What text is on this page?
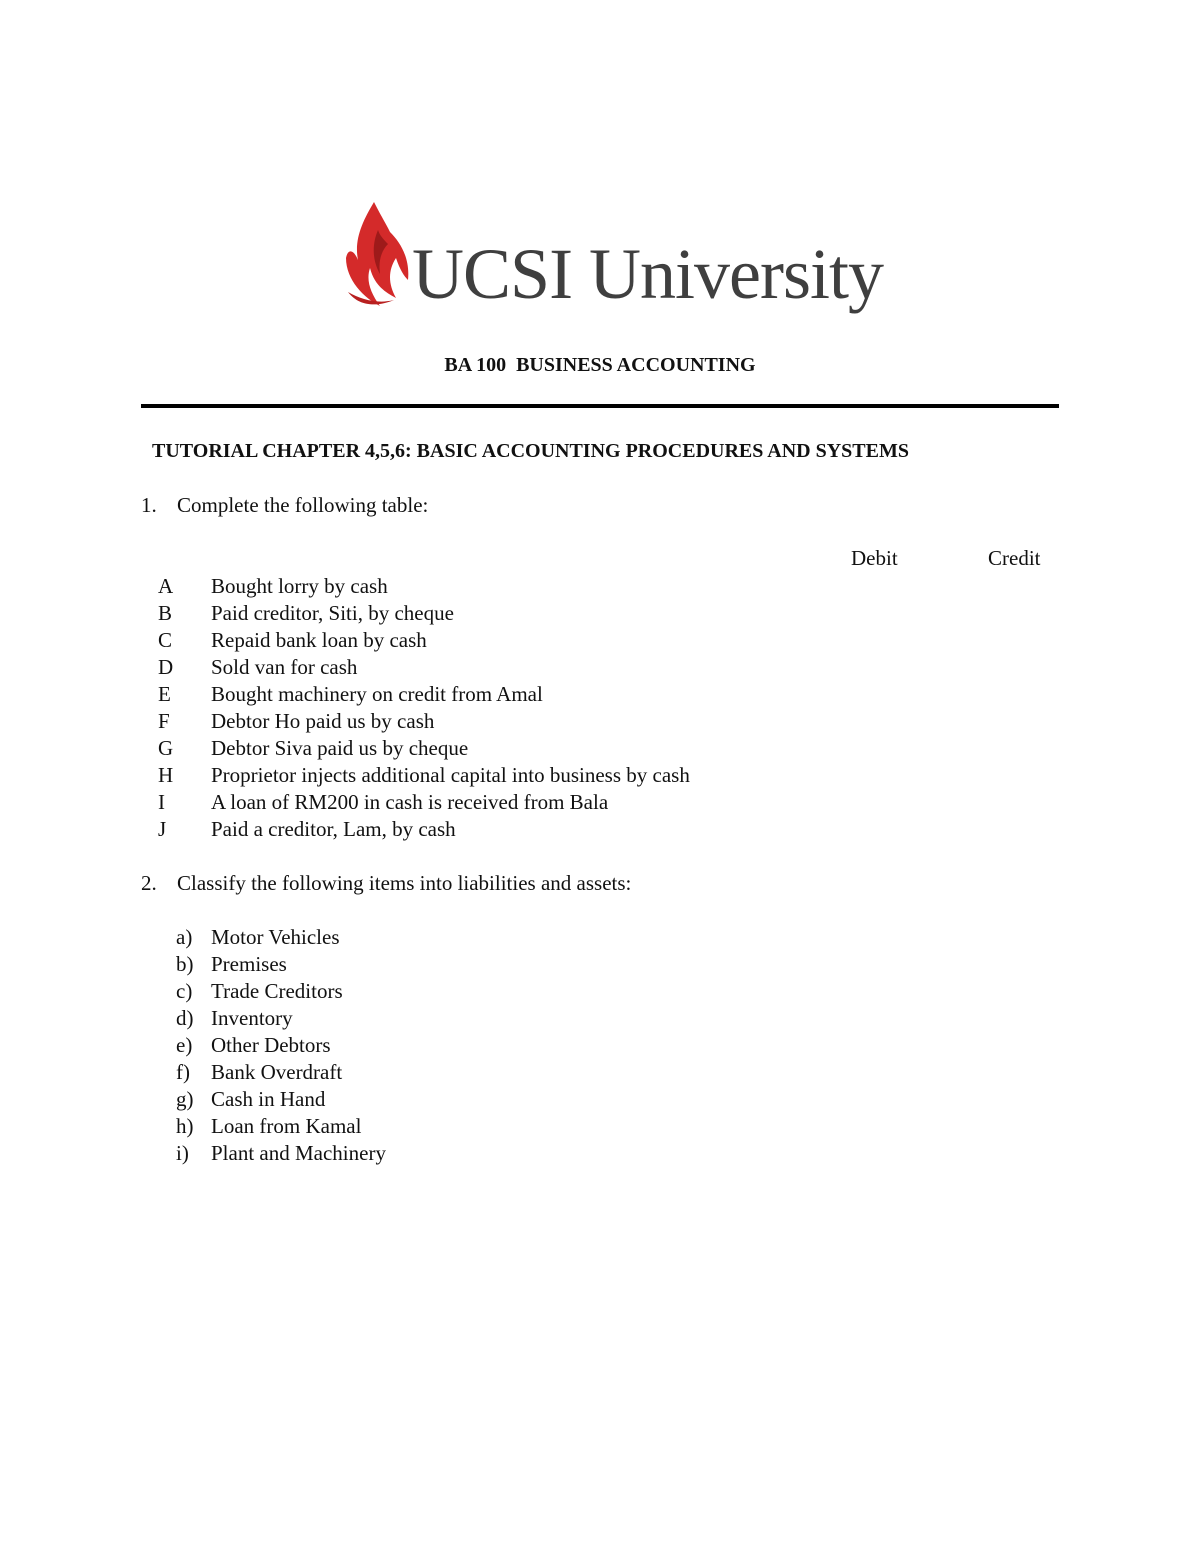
UCSI University
BA 100  BUSINESS ACCOUNTING
TUTORIAL CHAPTER 4,5,6: BASIC ACCOUNTING PROCEDURES AND SYSTEMS
1. Complete the following table:
Debit	Credit
A	Bought lorry by cash
B	Paid creditor, Siti, by cheque
C	Repaid bank loan by cash
D	Sold van for cash
E	Bought machinery on credit from Amal
F	Debtor Ho paid us by cash
G	Debtor Siva paid us by cheque
H	Proprietor injects additional capital into business by cash
I	A loan of RM200 in cash is received from Bala
J	Paid a creditor, Lam, by cash
2. Classify the following items into liabilities and assets:
a) Motor Vehicles
b) Premises
c) Trade Creditors
d) Inventory
e) Other Debtors
f) Bank Overdraft
g) Cash in Hand
h) Loan from Kamal
i) Plant and Machinery
